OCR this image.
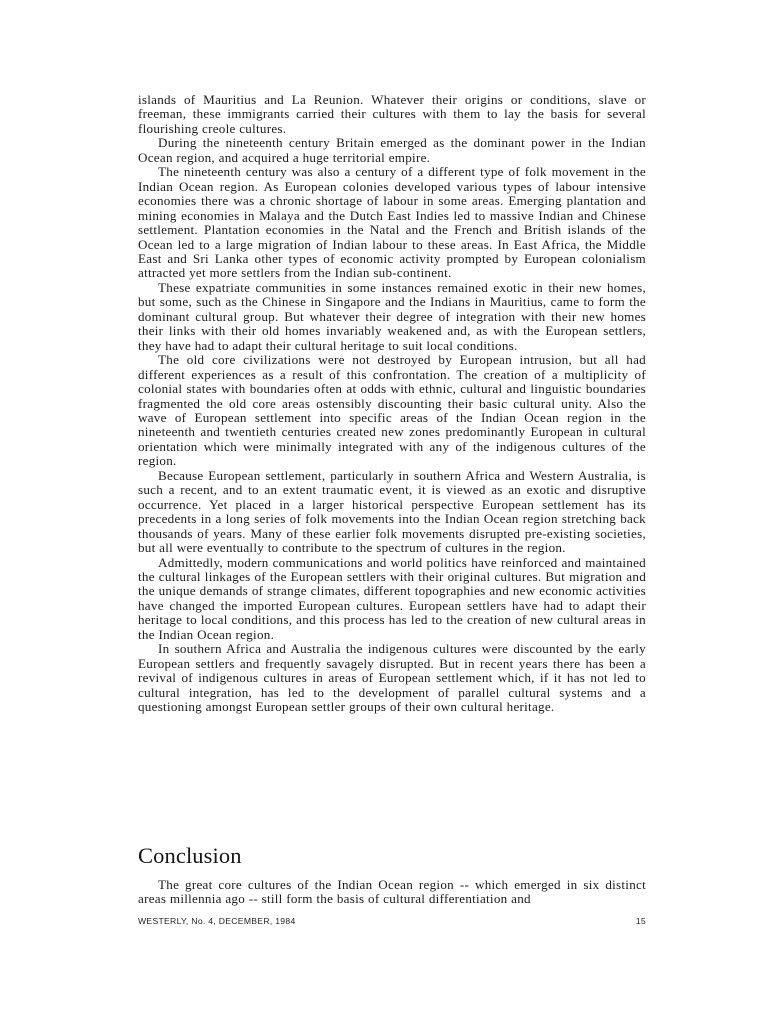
islands of Mauritius and La Reunion. Whatever their origins or conditions, slave or freeman, these immigrants carried their cultures with them to lay the basis for several flourishing creole cultures.

During the nineteenth century Britain emerged as the dominant power in the Indian Ocean region, and acquired a huge territorial empire.

The nineteenth century was also a century of a different type of folk movement in the Indian Ocean region. As European colonies developed various types of labour intensive economies there was a chronic shortage of labour in some areas. Emerging plantation and mining economies in Malaya and the Dutch East Indies led to massive Indian and Chinese settlement. Plantation economies in the Natal and the French and British islands of the Ocean led to a large migration of Indian labour to these areas. In East Africa, the Middle East and Sri Lanka other types of economic activity prompted by European colonialism attracted yet more settlers from the Indian sub-continent.

These expatriate communities in some instances remained exotic in their new homes, but some, such as the Chinese in Singapore and the Indians in Mauritius, came to form the dominant cultural group. But whatever their degree of integration with their new homes their links with their old homes invariably weakened and, as with the European settlers, they have had to adapt their cultural heritage to suit local conditions.

The old core civilizations were not destroyed by European intrusion, but all had different experiences as a result of this confrontation. The creation of a multiplicity of colonial states with boundaries often at odds with ethnic, cultural and linguistic boundaries fragmented the old core areas ostensibly discounting their basic cultural unity. Also the wave of European settlement into specific areas of the Indian Ocean region in the nineteenth and twentieth centuries created new zones predominantly European in cultural orientation which were minimally integrated with any of the indigenous cultures of the region.

Because European settlement, particularly in southern Africa and Western Australia, is such a recent, and to an extent traumatic event, it is viewed as an exotic and disruptive occurrence. Yet placed in a larger historical perspective European settlement has its precedents in a long series of folk movements into the Indian Ocean region stretching back thousands of years. Many of these earlier folk movements disrupted pre-existing societies, but all were eventually to contribute to the spectrum of cultures in the region.

Admittedly, modern communications and world politics have reinforced and maintained the cultural linkages of the European settlers with their original cultures. But migration and the unique demands of strange climates, different topographies and new economic activities have changed the imported European cultures. European settlers have had to adapt their heritage to local conditions, and this process has led to the creation of new cultural areas in the Indian Ocean region.

In southern Africa and Australia the indigenous cultures were discounted by the early European settlers and frequently savagely disrupted. But in recent years there has been a revival of indigenous cultures in areas of European settlement which, if it has not led to cultural integration, has led to the development of parallel cultural systems and a questioning amongst European settler groups of their own cultural heritage.

Conclusion

The great core cultures of the Indian Ocean region -- which emerged in six distinct areas millennia ago -- still form the basis of cultural differentiation and

WESTERLY, No. 4, DECEMBER, 1984	15
